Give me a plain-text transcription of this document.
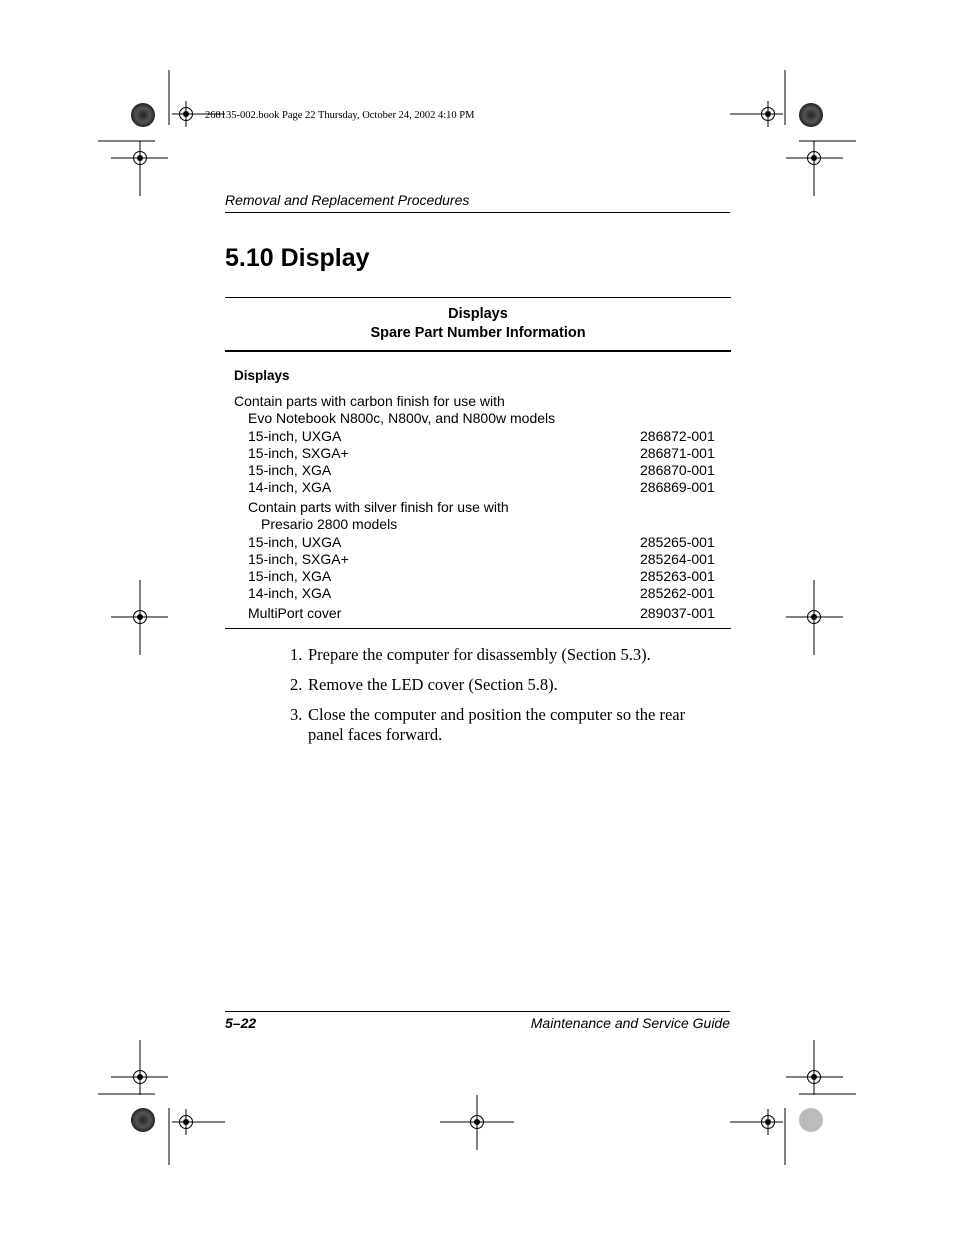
268135-002.book Page 22 Thursday, October 24, 2002 4:10 PM
Removal and Replacement Procedures
5.10 Display
Displays
Spare Part Number Information
Displays
Contain parts with carbon finish for use with
Evo Notebook N800c, N800v, and N800w models
15-inch, UXGA	286872-001
15-inch, SXGA+	286871-001
15-inch, XGA	286870-001
14-inch, XGA	286869-001
Contain parts with silver finish for use with
Presario 2800 models
15-inch, UXGA	285265-001
15-inch, SXGA+	285264-001
15-inch, XGA	285263-001
14-inch, XGA	285262-001
MultiPort cover	289037-001
1. Prepare the computer for disassembly (Section 5.3).
2. Remove the LED cover (Section 5.8).
3. Close the computer and position the computer so the rear panel faces forward.
5–22	Maintenance and Service Guide
